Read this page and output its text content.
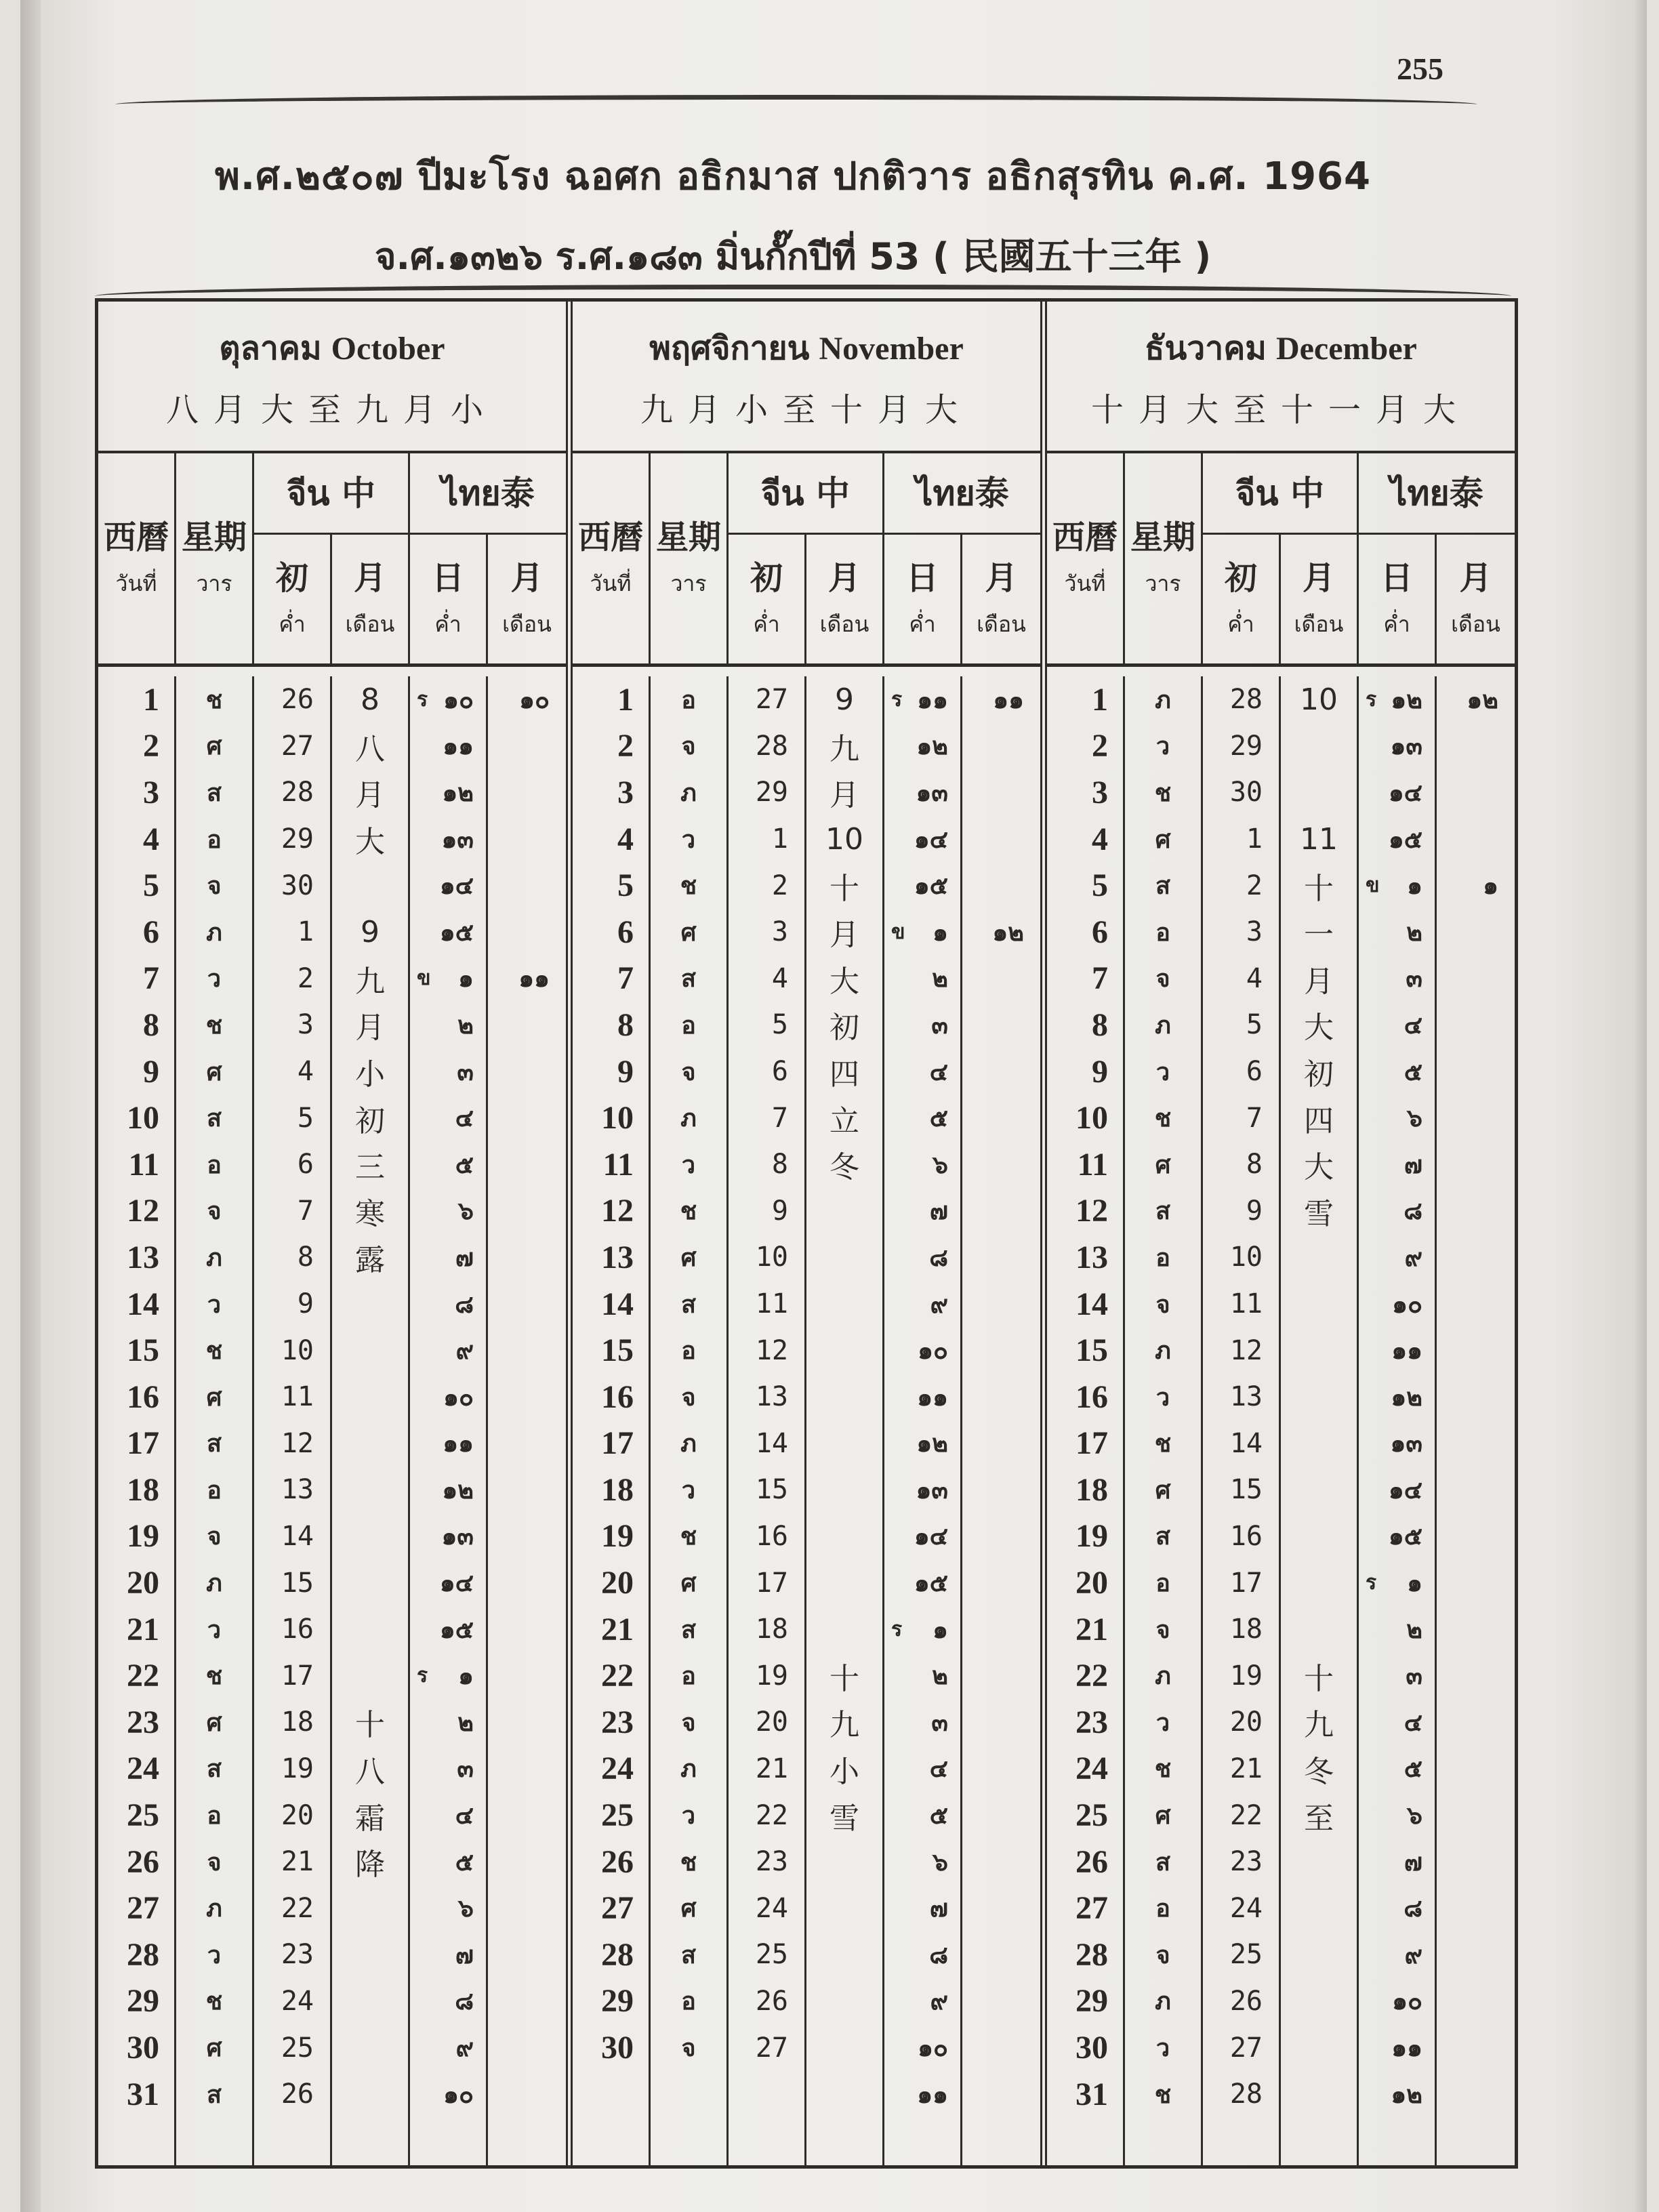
255
พ.ศ.๒๕๐๗ ปีมะโรง ฉอศก อธิกมาส ปกติวาร อธิกสุรทิน ค.ศ. 1964
จ.ศ.๑๓๒๖ ร.ศ.๑๘๓ มิ่นกั๊กปีที่ 53 ( 民國五十三年 )
ตุลาคม October
八月大至九月小
西曆
วันที่
星期
วาร
จีน 中 ไทย泰
初
ค่ำ
月
เดือน
日
ค่ำ
月
เดือน
1
2
3
4
5
6
7
8
9
10
11
12
13
14
15
16
17
18
19
20
21
22
23
24
25
26
27
28
29
30
31
ช
ศ
ส
อ
จ
ภ
ว
ช
ศ
ส
อ
จ
ภ
ว
ช
ศ
ส
อ
จ
ภ
ว
ช
ศ
ส
อ
จ
ภ
ว
ช
ศ
ส
26
27
28
29
30
1
2
3
4
5
6
7
8
9
10
11
12
13
14
15
16
17
18
19
20
21
22
23
24
25
26
8
八
月
大
9
九
月
小
初
三
寒
露
十
八
霜
降
ร ๑๐
๑๑
๑๒
๑๓
๑๔
๑๕
ข ๑
๒
๓
๔
๕
๖
๗
๘
๙
๑๐
๑๑
๑๒
๑๓
๑๔
๑๕
ร ๑
๒
๓
๔
๕
๖
๗
๘
๙
๑๐
๑๐
๑๑
พฤศจิกายน November
九月小至十月大
西曆
วันที่
星期
วาร
จีน 中 ไทย泰
初
ค่ำ
月
เดือน
日
ค่ำ
月
เดือน
1
2
3
4
5
6
7
8
9
10
11
12
13
14
15
16
17
18
19
20
21
22
23
24
25
26
27
28
29
30
อ
จ
ภ
ว
ช
ศ
ส
อ
จ
ภ
ว
ช
ศ
ส
อ
จ
ภ
ว
ช
ศ
ส
อ
จ
ภ
ว
ช
ศ
ส
อ
จ
27
28
29
1
2
3
4
5
6
7
8
9
10
11
12
13
14
15
16
17
18
19
20
21
22
23
24
25
26
27
9
九
月
10
十
月
大
初
四
立
冬
十
九
小
雪
ร ๑๑
๑๒
๑๓
๑๔
๑๕
ข ๑
๒
๓
๔
๕
๖
๗
๘
๙
๑๐
๑๑
๑๒
๑๓
๑๔
๑๕
ร ๑
๒
๓
๔
๕
๖
๗
๘
๙
๑๐
๑๑
๑๑
๑๒
ธันวาคม December
十月大至十一月大
西曆
วันที่
星期
วาร
จีน 中 ไทย泰
初
ค่ำ
月
เดือน
日
ค่ำ
月
เดือน
1
2
3
4
5
6
7
8
9
10
11
12
13
14
15
16
17
18
19
20
21
22
23
24
25
26
27
28
29
30
31
ภ
ว
ช
ศ
ส
อ
จ
ภ
ว
ช
ศ
ส
อ
จ
ภ
ว
ช
ศ
ส
อ
จ
ภ
ว
ช
ศ
ส
อ
จ
ภ
ว
ช
28
29
30
1
2
3
4
5
6
7
8
9
10
11
12
13
14
15
16
17
18
19
20
21
22
23
24
25
26
27
28
10
11
十
一
月
大
初
四
大
雪
十
九
冬
至
ร ๑๒
๑๓
๑๔
๑๕
ข ๑
๒
๓
๔
๕
๖
๗
๘
๙
๑๐
๑๑
๑๒
๑๓
๑๔
๑๕
ร ๑
๒
๓
๔
๕
๖
๗
๘
๙
๑๐
๑๑
๑๒
๑๒
๑
